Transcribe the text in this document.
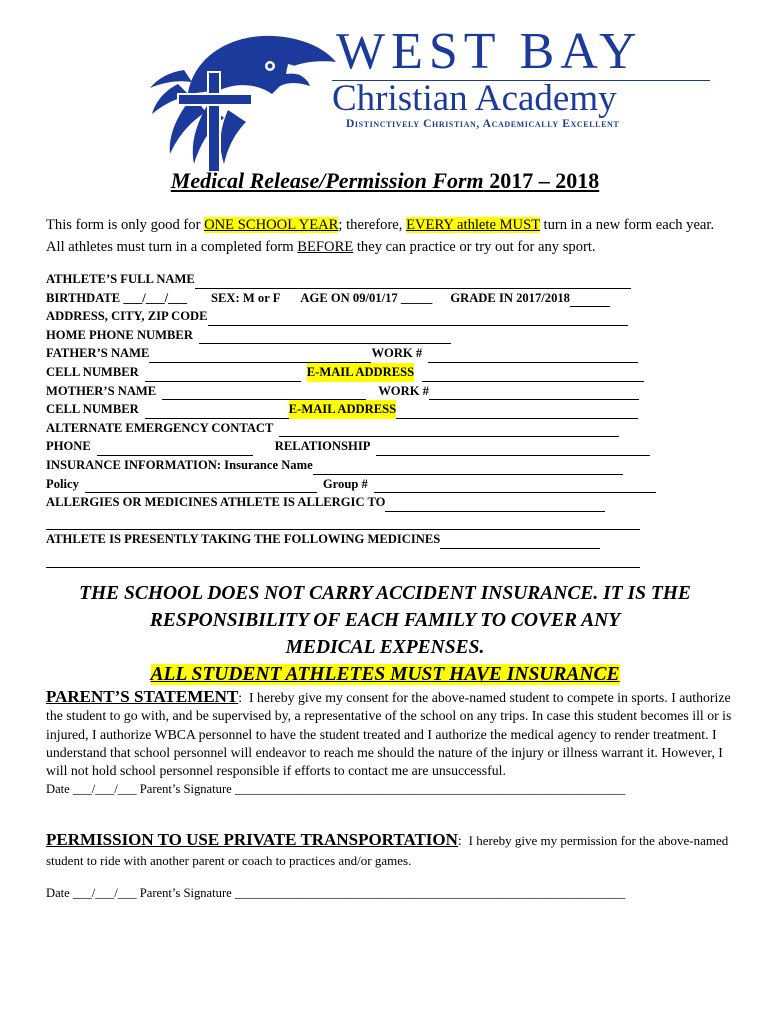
WEST BAY
Christian Academy
Distinctively Christian, Academically Excellent
Medical Release/Permission Form 2017 – 2018
This form is only good for ONE SCHOOL YEAR; therefore, EVERY athlete MUST turn in a new form each year. All athletes must turn in a completed form BEFORE they can practice or try out for any sport.
ATHLETE’S FULL NAME
BIRTHDATE ___/___/___ SEX: M or F AGE ON 09/01/17 _____ GRADE IN 2017/2018
ADDRESS, CITY, ZIP CODE
HOME PHONE NUMBER
FATHER’S NAME	WORK #
CELL NUMBER	E-MAIL ADDRESS
MOTHER’S NAME	WORK #
CELL NUMBER	E-MAIL ADDRESS
ALTERNATE EMERGENCY CONTACT
PHONE	RELATIONSHIP
INSURANCE INFORMATION: Insurance Name
Policy	Group #
ALLERGIES OR MEDICINES ATHLETE IS ALLERGIC TO
ATHLETE IS PRESENTLY TAKING THE FOLLOWING MEDICINES
THE SCHOOL DOES NOT CARRY ACCIDENT INSURANCE. IT IS THE
RESPONSIBILITY OF EACH FAMILY TO COVER ANY
MEDICAL EXPENSES.
ALL STUDENT ATHLETES MUST HAVE INSURANCE
PARENT’S STATEMENT: I hereby give my consent for the above-named student to compete in sports. I authorize the student to go with, and be supervised by, a representative of the school on any trips. In case this student becomes ill or is injured, I authorize WBCA personnel to have the student treated and I authorize the medical agency to render treatment. I understand that school personnel will endeavor to reach me should the nature of the injury or illness warrant it. However, I will not hold school personnel responsible if efforts to contact me are unsuccessful.
Date ___/___/___ Parent’s Signature ______________________________________________________________
PERMISSION TO USE PRIVATE TRANSPORTATION: I hereby give my permission for the above-named student to ride with another parent or coach to practices and/or games.
Date ___/___/___ Parent’s Signature ______________________________________________________________
